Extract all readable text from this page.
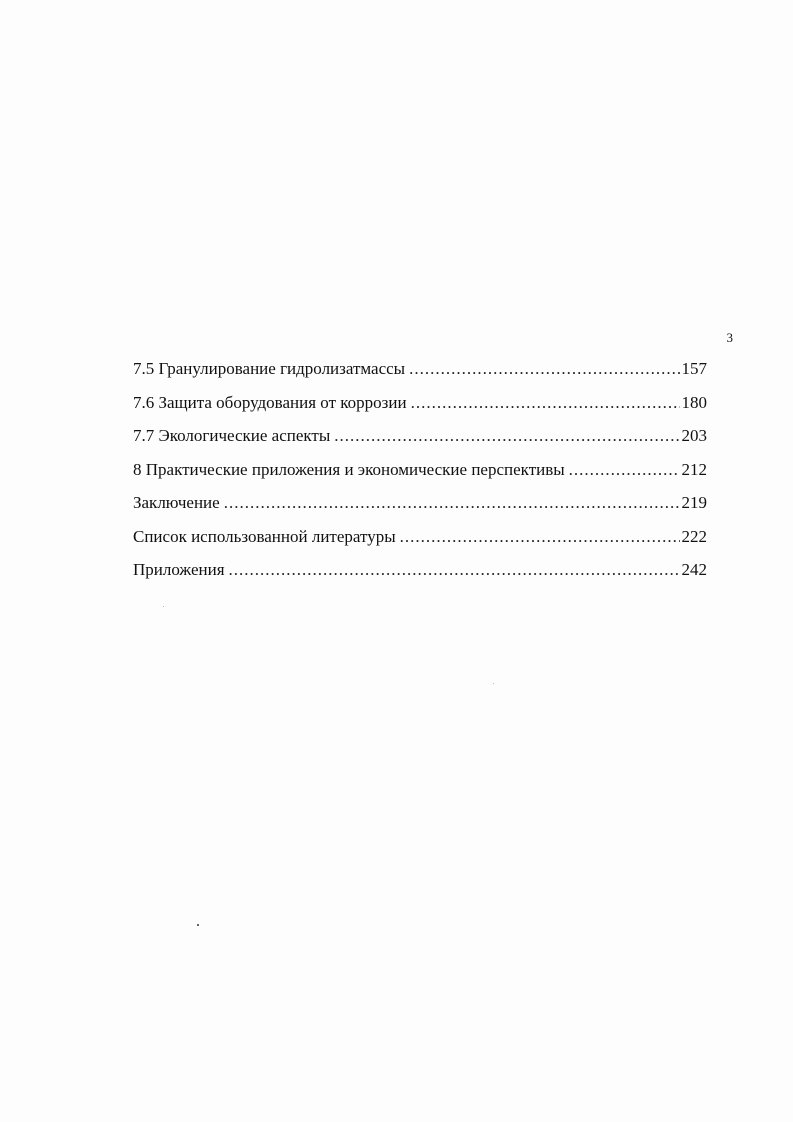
3
7.5 Гранулирование гидролизатмассы .....	157
7.6 Защита оборудования от коррозии .....	180
7.7 Экологические аспекты .....	203
8 Практические приложения и экономические перспективы .....	212
Заключение .....	219
Список использованной литературы .....	222
Приложения .....	242
